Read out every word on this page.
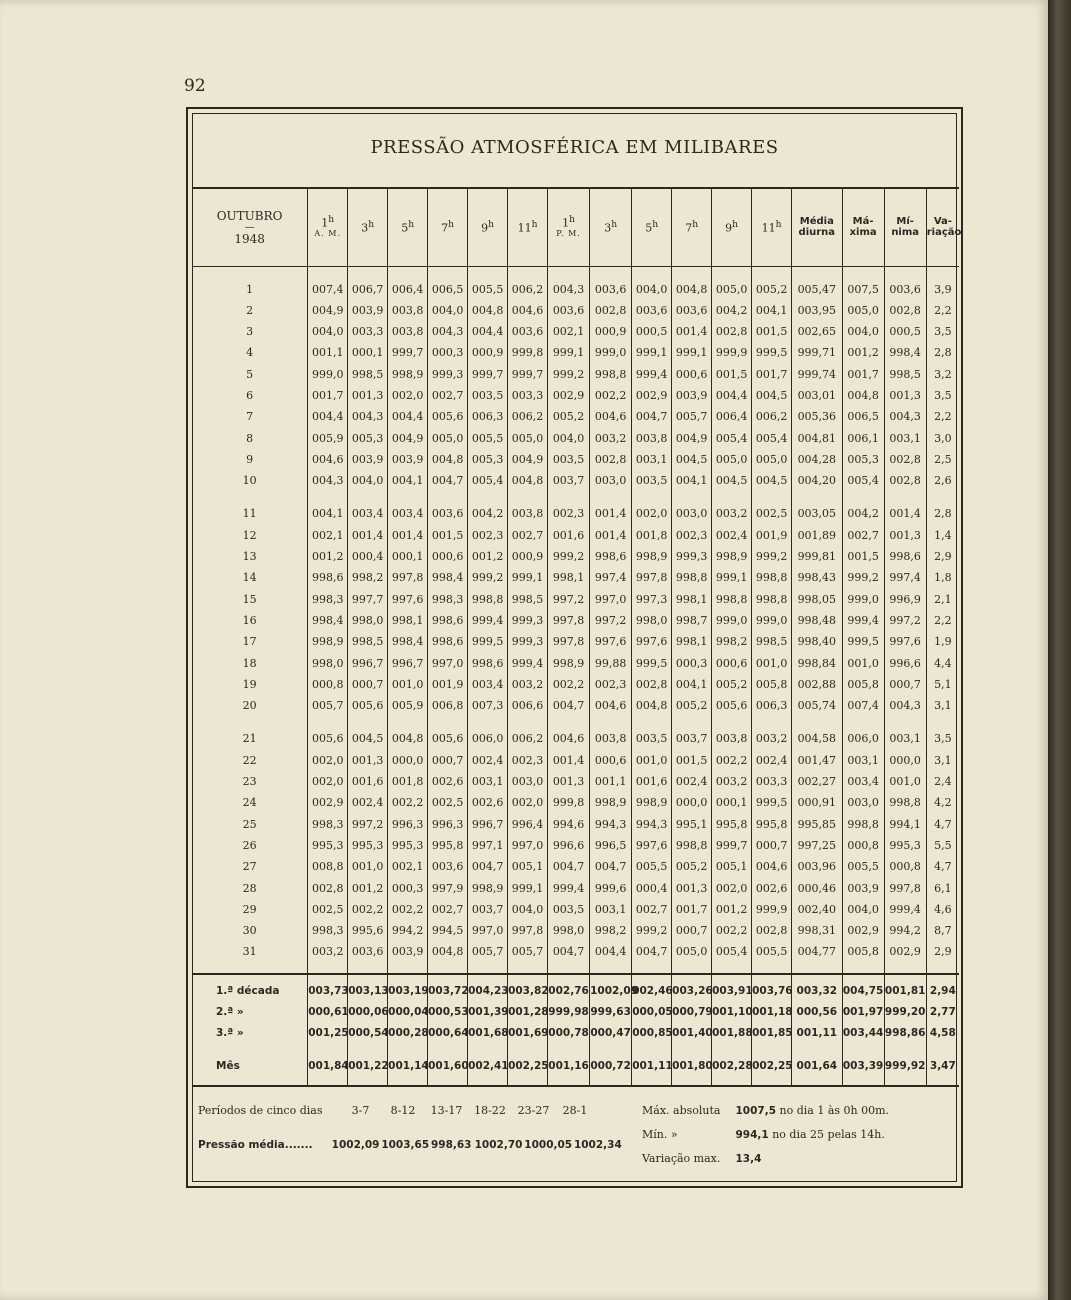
92
PRESSÃO ATMOSFÉRICA EM MILIBARES
OUTUBRO
—
1948	1$^h$
A. M.	3$^h$	5$^h$	7$^h$	9$^h$	11$^h$	1$^h$
P. M.	3$^h$	5$^h$	7$^h$	9$^h$	11$^h$	Média diurna	Má- xima	Mí- nima	Va- riação

1	007,4	006,7	006,4	006,5	005,5	006,2	004,3	003,6	004,0	004,8	005,0	005,2	005,47	007,5	003,6	3,9
2	004,9	003,9	003,8	004,0	004,8	004,6	003,6	002,8	003,6	003,6	004,2	004,1	003,95	005,0	002,8	2,2
3	004,0	003,3	003,8	004,3	004,4	003,6	002,1	000,9	000,5	001,4	002,8	001,5	002,65	004,0	000,5	3,5
4	001,1	000,1	999,7	000,3	000,9	999,8	999,1	999,0	999,1	999,1	999,9	999,5	999,71	001,2	998,4	2,8
5	999,0	998,5	998,9	999,3	999,7	999,7	999,2	998,8	999,4	000,6	001,5	001,7	999,74	001,7	998,5	3,2
6	001,7	001,3	002,0	002,7	003,5	003,3	002,9	002,2	002,9	003,9	004,4	004,5	003,01	004,8	001,3	3,5
7	004,4	004,3	004,4	005,6	006,3	006,2	005,2	004,6	004,7	005,7	006,4	006,2	005,36	006,5	004,3	2,2
8	005,9	005,3	004,9	005,0	005,5	005,0	004,0	003,2	003,8	004,9	005,4	005,4	004,81	006,1	003,1	3,0
9	004,6	003,9	003,9	004,8	005,3	004,9	003,5	002,8	003,1	004,5	005,0	005,0	004,28	005,3	002,8	2,5
10	004,3	004,0	004,1	004,7	005,4	004,8	003,7	003,0	003,5	004,1	004,5	004,5	004,20	005,4	002,8	2,6
11	004,1	003,4	003,4	003,6	004,2	003,8	002,3	001,4	002,0	003,0	003,2	002,5	003,05	004,2	001,4	2,8
12	002,1	001,4	001,4	001,5	002,3	002,7	001,6	001,4	001,8	002,3	002,4	001,9	001,89	002,7	001,3	1,4
13	001,2	000,4	000,1	000,6	001,2	000,9	999,2	998,6	998,9	999,3	998,9	999,2	999,81	001,5	998,6	2,9
14	998,6	998,2	997,8	998,4	999,2	999,1	998,1	997,4	997,8	998,8	999,1	998,8	998,43	999,2	997,4	1,8
15	998,3	997,7	997,6	998,3	998,8	998,5	997,2	997,0	997,3	998,1	998,8	998,8	998,05	999,0	996,9	2,1
16	998,4	998,0	998,1	998,6	999,4	999,3	997,8	997,2	998,0	998,7	999,0	999,0	998,48	999,4	997,2	2,2
17	998,9	998,5	998,4	998,6	999,5	999,3	997,8	997,6	997,6	998,1	998,2	998,5	998,40	999,5	997,6	1,9
18	998,0	996,7	996,7	997,0	998,6	999,4	998,9	99,88	999,5	000,3	000,6	001,0	998,84	001,0	996,6	4,4
19	000,8	000,7	001,0	001,9	003,4	003,2	002,2	002,3	002,8	004,1	005,2	005,8	002,88	005,8	000,7	5,1
20	005,7	005,6	005,9	006,8	007,3	006,6	004,7	004,6	004,8	005,2	005,6	006,3	005,74	007,4	004,3	3,1
21	005,6	004,5	004,8	005,6	006,0	006,2	004,6	003,8	003,5	003,7	003,8	003,2	004,58	006,0	003,1	3,5
22	002,0	001,3	000,0	000,7	002,4	002,3	001,4	000,6	001,0	001,5	002,2	002,4	001,47	003,1	000,0	3,1
23	002,0	001,6	001,8	002,6	003,1	003,0	001,3	001,1	001,6	002,4	003,2	003,3	002,27	003,4	001,0	2,4
24	002,9	002,4	002,2	002,5	002,6	002,0	999,8	998,9	998,9	000,0	000,1	999,5	000,91	003,0	998,8	4,2
25	998,3	997,2	996,3	996,3	996,7	996,4	994,6	994,3	994,3	995,1	995,8	995,8	995,85	998,8	994,1	4,7
26	995,3	995,3	995,3	995,8	997,1	997,0	996,6	996,5	997,6	998,8	999,7	000,7	997,25	000,8	995,3	5,5
27	008,8	001,0	002,1	003,6	004,7	005,1	004,7	004,7	005,5	005,2	005,1	004,6	003,96	005,5	000,8	4,7
28	002,8	001,2	000,3	997,9	998,9	999,1	999,4	999,6	000,4	001,3	002,0	002,6	000,46	003,9	997,8	6,1
29	002,5	002,2	002,2	002,7	003,7	004,0	003,5	003,1	002,7	001,7	001,2	999,9	002,40	004,0	999,4	4,6
30	998,3	995,6	994,2	994,5	997,0	997,8	998,0	998,2	999,2	000,7	002,2	002,8	998,31	002,9	994,2	8,7
31	003,2	003,6	003,9	004,8	005,7	005,7	004,7	004,4	004,7	005,0	005,4	005,5	004,77	005,8	002,9	2,9

1.ª década	003,73	003,13	003,19	003,72	004,23	003,82	002,76	1002,09	002,46	003,26	003,91	003,76	003,32	004,75	001,81	2,94
2.ª »	000,61	000,06	000,04	000,53	001,39	001,28	999,98	999,63	000,05	000,79	001,10	001,18	000,56	001,97	999,20	2,77
3.ª »	001,25	000,54	000,28	000,64	001,68	001,69	000,78	000,47	000,85	001,40	001,88	001,85	001,11	003,44	998,86	4,58
Mês	001,84	001,22	001,14	001,60	002,41	002,25	001,16	000,72	001,11	001,80	002,28	002,25	001,64	003,39	999,92	3,47
Períodos de cinco dias	3-7 8-12 13-17 18-22 23-27 28-1
Pressão média....... 1002,09 1003,65 998,63 1002,70 1000,05 1002,34
Máx. absoluta 1007,5 no dia 1 às 0h 00m.
Mín. »	994,1 no dia 25 pelas 14h.
Variação max. 13,4
